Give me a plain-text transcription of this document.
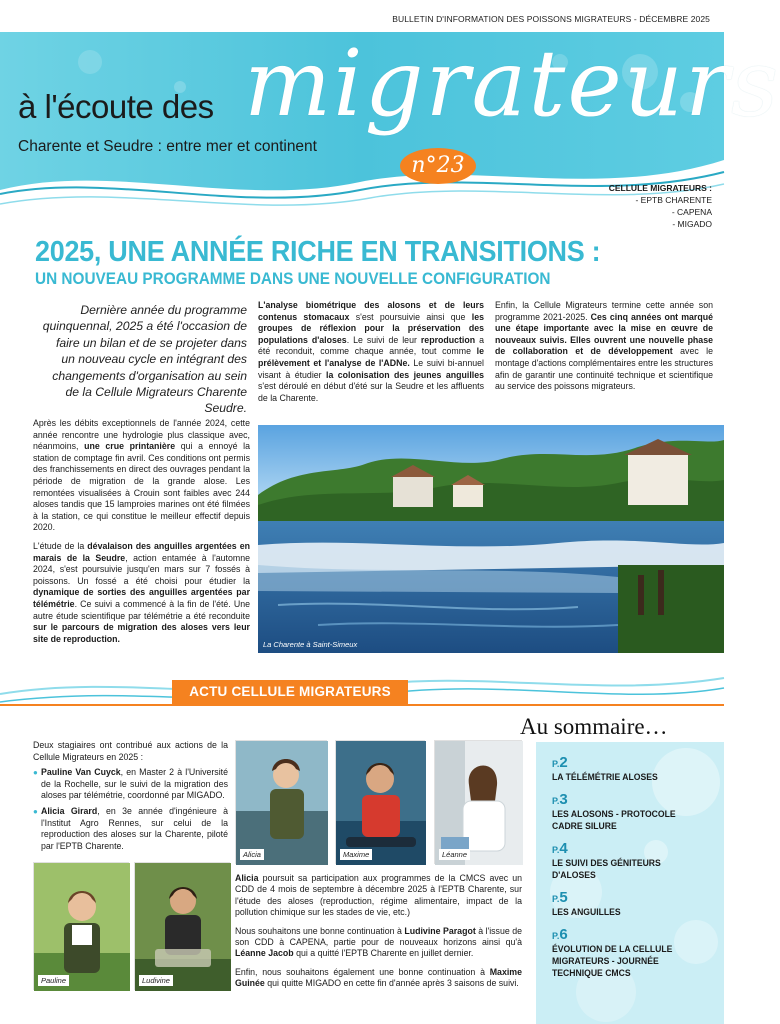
BULLETIN D'INFORMATION DES POISSONS MIGRATEURS - DÉCEMBRE 2025
à l'écoute des migrateurs
Charente et Seudre : entre mer et continent
n°23
CELLULE MIGRATEURS :
- EPTB CHARENTE
- CAPENA
- MIGADO
2025, UNE ANNÉE RICHE EN TRANSITIONS :
UN NOUVEAU PROGRAMME DANS UNE NOUVELLE CONFIGURATION
Dernière année du programme quinquennal, 2025 a été l'occasion de faire un bilan et de se projeter dans un nouveau cycle en intégrant des changements d'organisation au sein de la Cellule Migrateurs Charente Seudre.

Après les débits exceptionnels de l'année 2024, cette année rencontre une hydrologie plus classique avec, néanmoins, une crue printanière qui a ennoyé la station de comptage fin avril. Ces conditions ont permis des franchissements en direct des ouvrages pendant la période de migration de la grande alose. Les remontées visualisées à Crouin sont faibles avec 244 aloses tandis que 15 lamproies marines ont été filmées à la station, ce qui constitue le meilleur effectif depuis 2020.

L'étude de la dévalaison des anguilles argentées en marais de la Seudre, action entamée à l'automne 2024, s'est poursuivie jusqu'en mars sur 7 fossés à poissons. Un fossé a été choisi pour étudier la dynamique de sorties des anguilles argentées par télémétrie. Ce suivi a commencé à la fin de l'été. Une autre étude scientifique par télémétrie a été reconduite sur le parcours de migration des aloses vers leur site de reproduction.

L'analyse biométrique des alosons et de leurs contenus stomacaux s'est poursuivie ainsi que les groupes de réflexion pour la préservation des populations d'aloses. Le suivi de leur reproduction a été reconduit, comme chaque année, tout comme le prélèvement et l'analyse de l'ADNe. Le suivi bi-annuel visant à étudier la colonisation des jeunes anguilles s'est déroulé en début d'été sur la Seudre et les affluents de la Charente.

Enfin, la Cellule Migrateurs termine cette année son programme 2021-2025. Ces cinq années ont marqué une étape importante avec la mise en œuvre de nouveaux suivis. Elles ouvrent une nouvelle phase de collaboration et de développement avec le montage d'actions complémentaires entre les structures afin de garantir une continuité technique et scientifique au service des poissons migrateurs.

La Charente à Saint-Simeux
ACTU CELLULE MIGRATEURS
Deux stagiaires ont contribué aux actions de la Cellule Migrateurs en 2025 :
● Pauline Van Cuyck, en Master 2 à l'Université de la Rochelle, sur le suivi de la migration des aloses par télémétrie, coordonné par MIGADO.
● Alicia Girard, en 3e année d'ingénieure à l'Institut Agro Rennes, sur celui de la reproduction des aloses sur la Charente, piloté par l'EPTB Charente.
Alicia	Maxime	Léanne
Pauline	Ludivine

Alicia poursuit sa participation aux programmes de la CMCS avec un CDD de 4 mois de septembre à décembre 2025 à l'EPTB Charente, sur l'étude des aloses (reproduction, régime alimentaire, impact de la pollution chimique sur les stades de vie, etc.)

Nous souhaitons une bonne continuation à Ludivine Paragot à l'issue de son CDD à CAPENA, partie pour de nouveaux horizons ainsi qu'à Léanne Jacob qui a quitté l'EPTB Charente en juillet dernier.

Enfin, nous souhaitons également une bonne continuation à Maxime Guinée qui quitte MIGADO en cette fin d'année après 3 saisons de suivi.

Au sommaire…
P.2
LA TÉLÉMÉTRIE ALOSES
P.3
LES ALOSONS - PROTOCOLE CADRE SILURE
P.4
LE SUIVI DES GÉNITEURS D'ALOSES
P.5
LES ANGUILLES
P.6
ÉVOLUTION DE LA CELLULE MIGRATEURS - JOURNÉE TECHNIQUE CMCS
